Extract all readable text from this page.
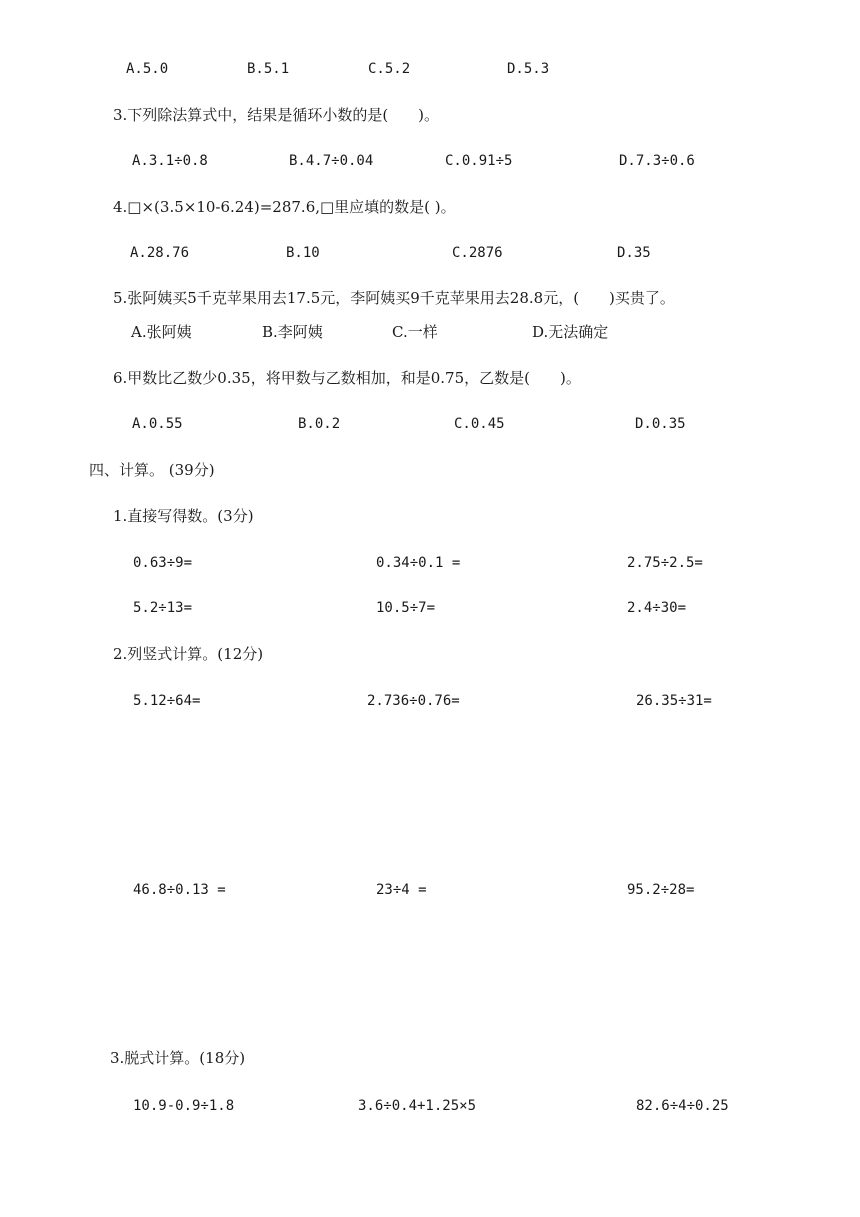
A.5.0	B.5.1	C.5.2	D.5.3
3.下列除法算式中，结果是循环小数的是(　　)。
A.3.1÷0.8	B.4.7÷0.04	C.0.91÷5	D.7.3÷0.6
4.□×(3.5×10-6.24)=287.6,□里应填的数是( )。
A.28.76	B.10	C.2876	D.35
5.张阿姨买5千克苹果用去17.5元，李阿姨买9千克苹果用去28.8元，(　　)买贵了。
A.张阿姨	B.李阿姨	C.一样	D.无法确定
6.甲数比乙数少0.35，将甲数与乙数相加，和是0.75，乙数是(　　)。
A.0.55	B.0.2	C.0.45	D.0.35
四、计算。 (39分)
1.直接写得数。(3分)
0.63÷9=	0.34÷0.1 =	2.75÷2.5=
5.2÷13=	10.5÷7=	2.4÷30=
2.列竖式计算。(12分)
5.12÷64=	2.736÷0.76=	26.35÷31=
46.8÷0.13 =	23÷4 =	95.2÷28=
3.脱式计算。(18分)
10.9-0.9÷1.8	3.6÷0.4+1.25×5	82.6÷4÷0.25
